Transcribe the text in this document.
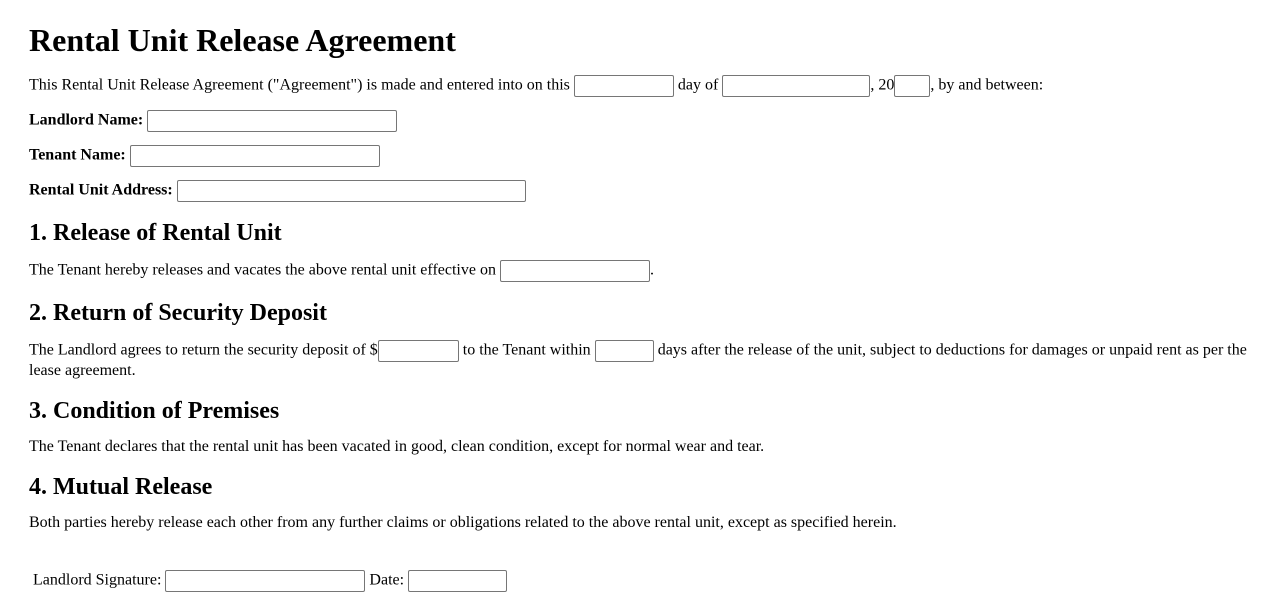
Rental Unit Release Agreement

This Rental Unit Release Agreement ("Agreement") is made and entered into on this	day of	, 20 , by and between:

Landlord Name:

Tenant Name:

Rental Unit Address:

1. Release of Rental Unit

The Tenant hereby releases and vacates the above rental unit effective on	.

2. Return of Security Deposit

The Landlord agrees to return the security deposit of $	to the Tenant within	days after the release of the unit, subject to deductions for damages or unpaid rent as per the lease agreement.

3. Condition of Premises

The Tenant declares that the rental unit has been vacated in good, clean condition, except for normal wear and tear.

4. Mutual Release

Both parties hereby release each other from any further claims or obligations related to the above rental unit, except as specified herein.

Landlord Signature:	Date:
